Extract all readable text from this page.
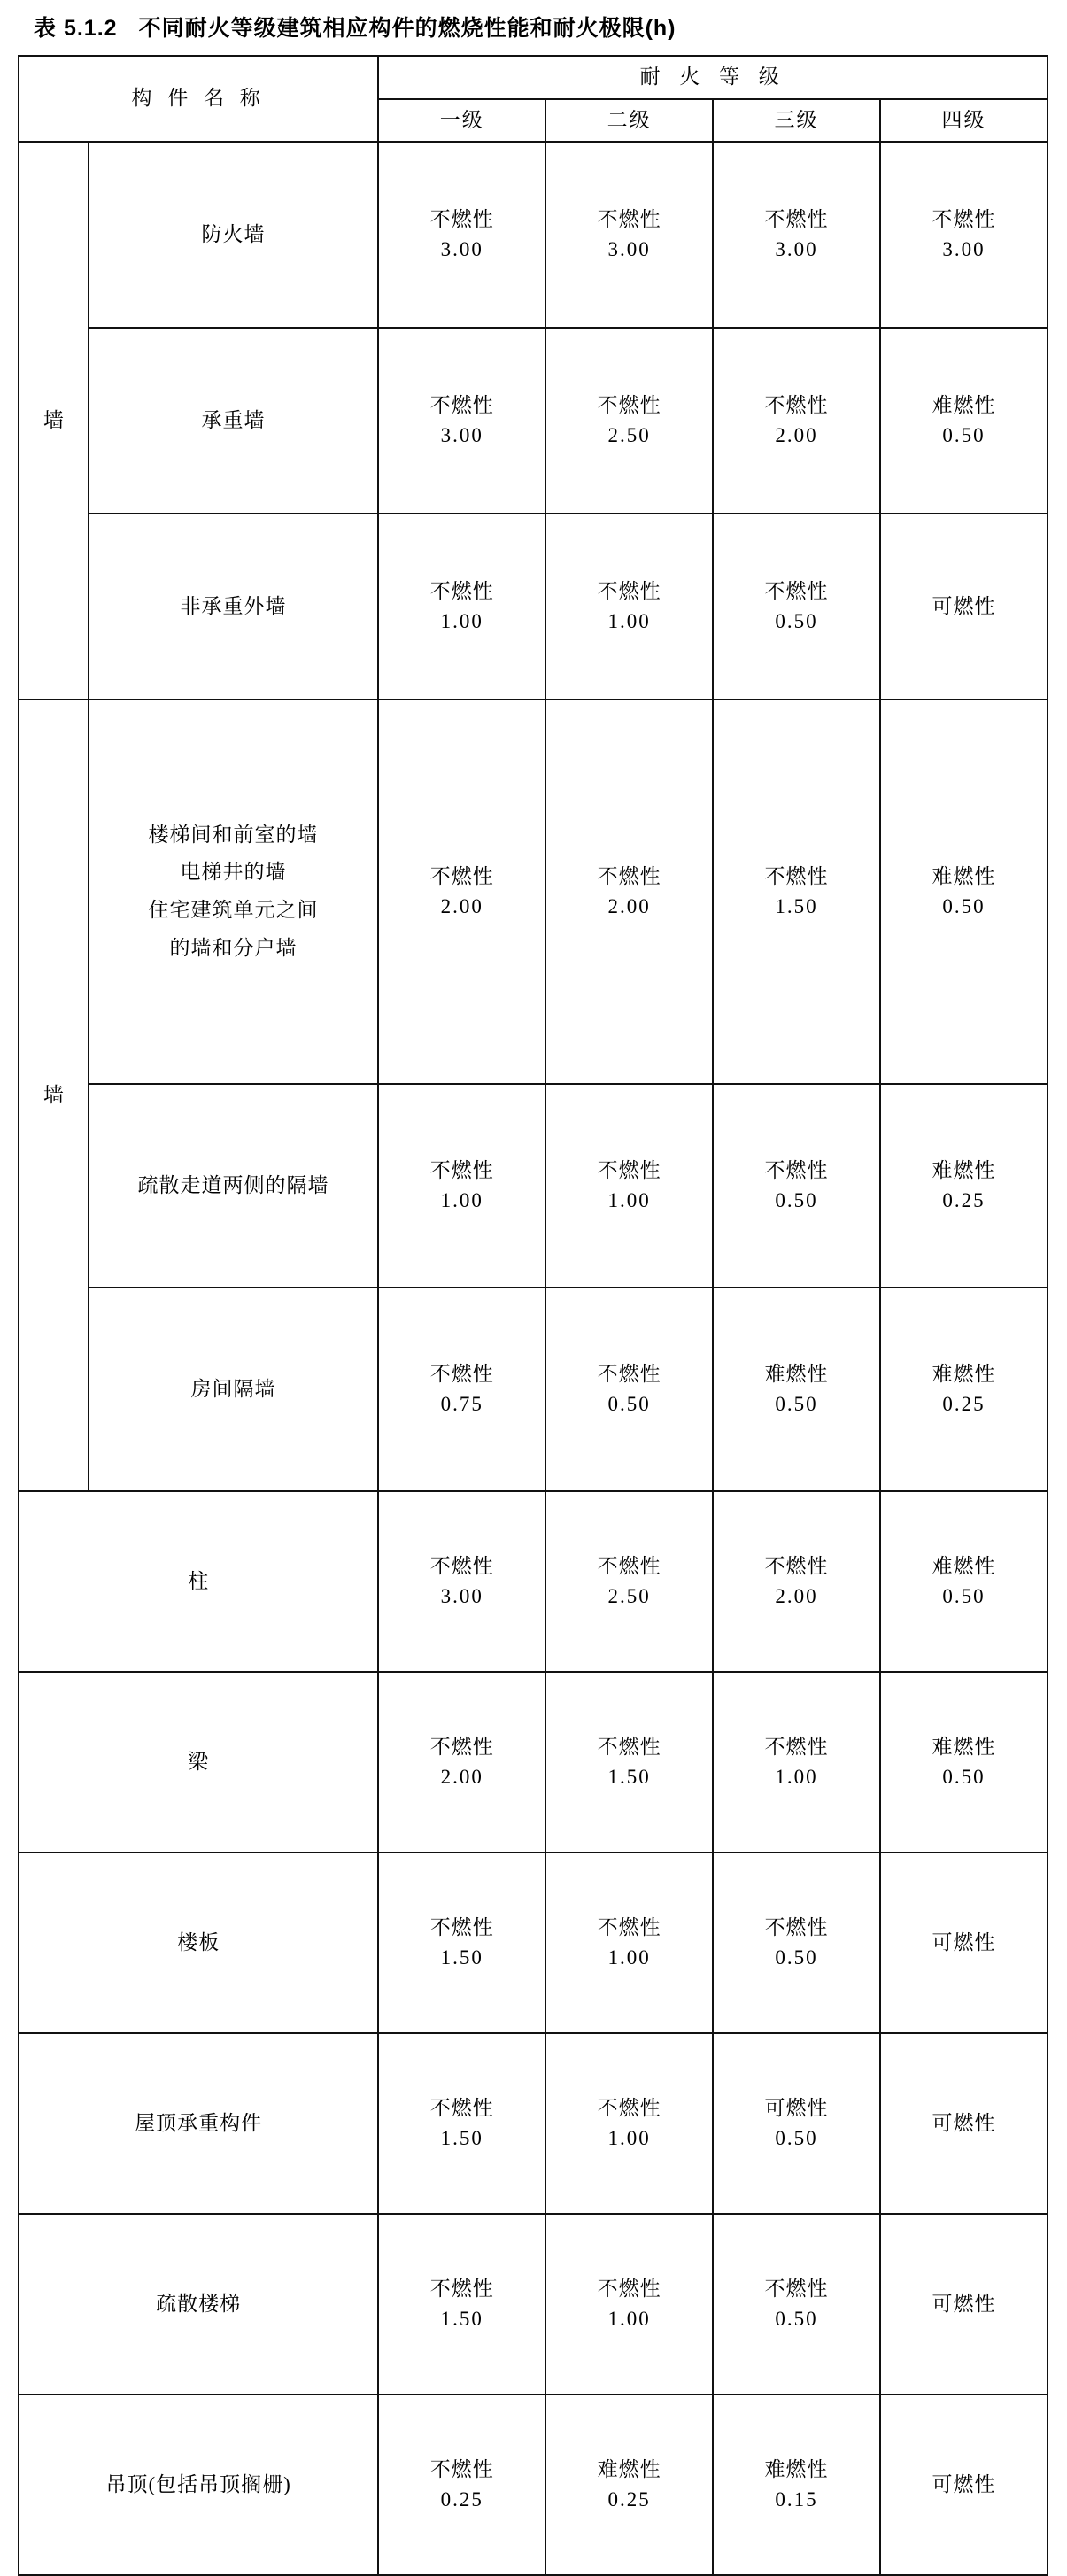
表 5.1.2 不同耐火等级建筑相应构件的燃烧性能和耐火极限(h)
构 件 名 称		耐 火 等 级			
		一级	二级	三级	四级
墙	防火墙	不燃性
3.00	不燃性
3.00	不燃性
3.00	不燃性
3.00

	承重墙	不燃性
3.00	不燃性
2.50	不燃性
2.00	难燃性
0.50

	非承重外墙	不燃性
1.00	不燃性
1.00	不燃性
0.50	可燃性

墙	楼梯间和前室的墙
电梯井的墙
住宅建筑单元之间
的墙和分户墙	不燃性
2.00	不燃性
2.00	不燃性
1.50	难燃性
0.50

	疏散走道两侧的隔墙	不燃性
1.00	不燃性
1.00	不燃性
0.50	难燃性
0.25

	房间隔墙	不燃性
0.75	不燃性
0.50	难燃性
0.50	难燃性
0.25

柱		不燃性
3.00	不燃性
2.50	不燃性
2.00	难燃性
0.50

梁		不燃性
2.00	不燃性
1.50	不燃性
1.00	难燃性
0.50

楼板		不燃性
1.50	不燃性
1.00	不燃性
0.50	可燃性

屋顶承重构件		不燃性
1.50	不燃性
1.00	可燃性
0.50	可燃性

疏散楼梯		不燃性
1.50	不燃性
1.00	不燃性
0.50	可燃性

吊顶(包括吊顶搁栅)		不燃性
0.25	难燃性
0.25	难燃性
0.15	可燃性
